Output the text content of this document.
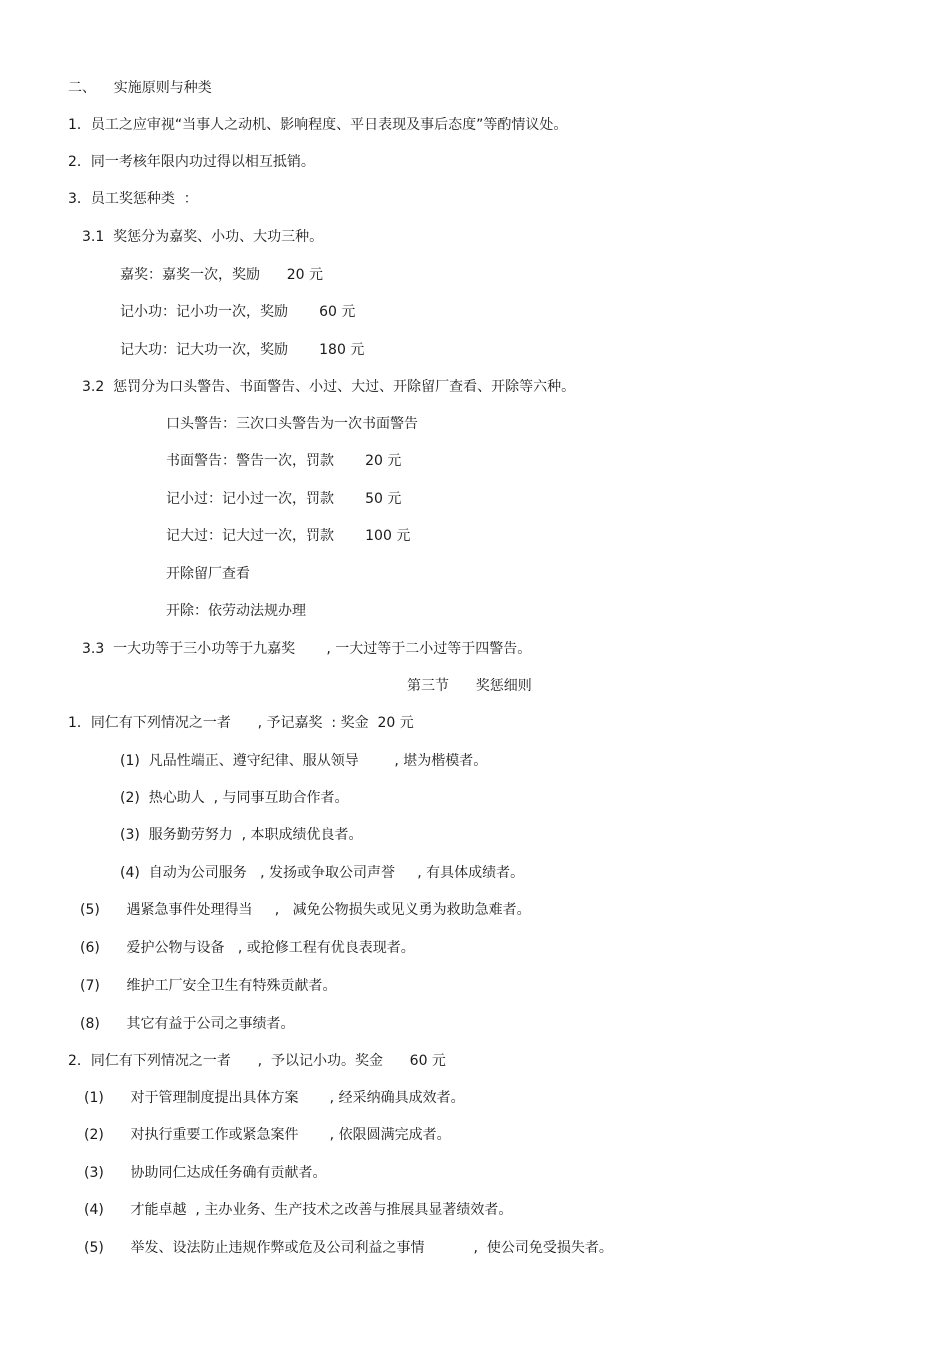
二、    实施原则与种类
1．员工之应审视“当事人之动机、影响程度、平日表现及事后态度”等酌情议处。
2．同一考核年限内功过得以相互抵销。
3．员工奖惩种类  ：
3.1  奖惩分为嘉奖、小功、大功三种。
嘉奖：嘉奖一次，奖励      20 元
记小功：记小功一次，奖励       60 元
记大功：记大功一次，奖励       180 元
3.2  惩罚分为口头警告、书面警告、小过、大过、开除留厂查看、开除等六种。
口头警告：三次口头警告为一次书面警告
书面警告：警告一次，罚款       20 元
记小过：记小过一次，罚款       50 元
记大过：记大过一次，罚款       100 元
开除留厂查看
开除：依劳动法规办理
3.3  一大功等于三小功等于九嘉奖       , 一大过等于二小过等于四警告。
第三节      奖惩细则
1．同仁有下列情况之一者      , 予记嘉奖  : 奖金  20 元
(1)  凡品性端正、遵守纪律、服从领导        , 堪为楷模者。
(2)  热心助人  , 与同事互助合作者。
(3)  服务勤劳努力  , 本职成绩优良者。
(4)  自动为公司服务   , 发扬或争取公司声誉     , 有具体成绩者。
(5)      遇紧急事件处理得当     ,   减免公物损失或见义勇为救助急难者。
(6)      爱护公物与设备   , 或抢修工程有优良表现者。
(7)      维护工厂安全卫生有特殊贡献者。
(8)      其它有益于公司之事绩者。
2．同仁有下列情况之一者      ,  予以记小功。奖金      60 元
(1)      对于管理制度提出具体方案       , 经采纳确具成效者。
(2)      对执行重要工作或紧急案件       , 依限圆满完成者。
(3)      协助同仁达成任务确有贡献者。
(4)      才能卓越  , 主办业务、生产技术之改善与推展具显著绩效者。
(5)      举发、设法防止违规作弊或危及公司利益之事情           ,  使公司免受损失者。
